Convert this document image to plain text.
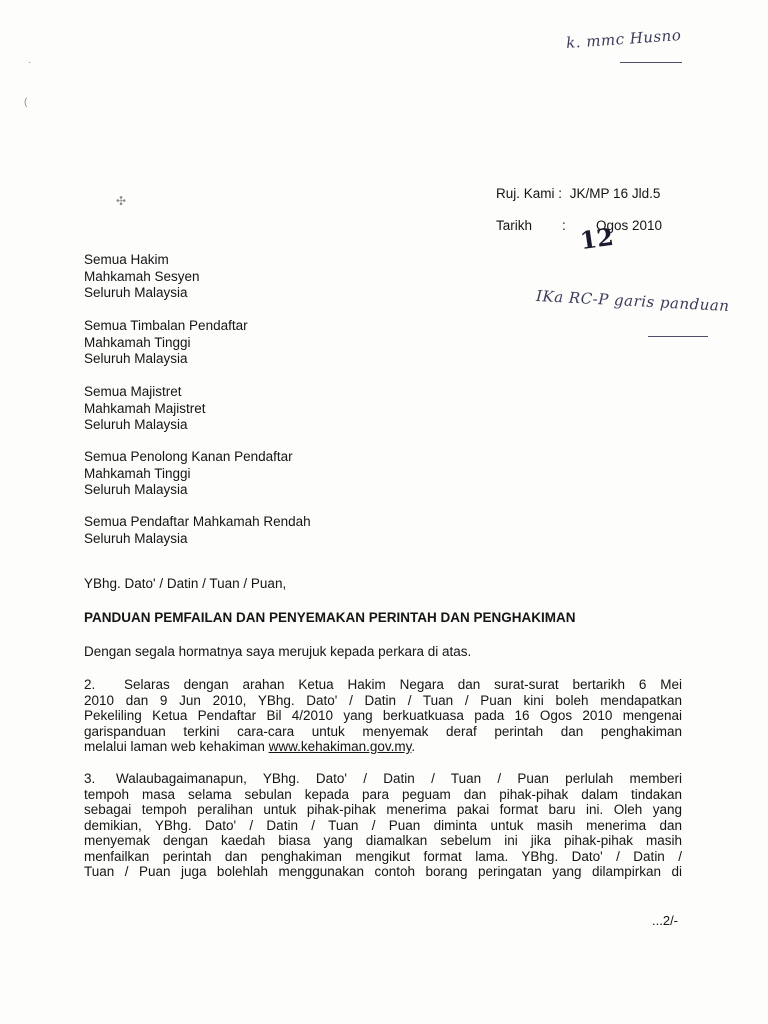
·
(
✣
k. mmc Husno
IKa RC-P garis panduan
Ruj. Kami : JK/MP 16 Jld.5
Tarikh : Ogos 2010
12
Semua Hakim
Mahkamah Sesyen
Seluruh Malaysia
Semua Timbalan Pendaftar
Mahkamah Tinggi
Seluruh Malaysia
Semua Majistret
Mahkamah Majistret
Seluruh Malaysia
Semua Penolong Kanan Pendaftar
Mahkamah Tinggi
Seluruh Malaysia
Semua Pendaftar Mahkamah Rendah
Seluruh Malaysia
YBhg. Dato' / Datin / Tuan / Puan,
PANDUAN PEMFAILAN DAN PENYEMAKAN PERINTAH DAN PENGHAKIMAN
Dengan segala hormatnya saya merujuk kepada perkara di atas.
2. Selaras dengan arahan Ketua Hakim Negara dan surat-surat bertarikh 6 Mei
2010 dan 9 Jun 2010, YBhg. Dato' / Datin / Tuan / Puan kini boleh mendapatkan
Pekeliling Ketua Pendaftar Bil 4/2010 yang berkuatkuasa pada 16 Ogos 2010 mengenai
garispanduan terkini cara-cara untuk menyemak deraf perintah dan penghakiman
melalui laman web kehakiman www.kehakiman.gov.my.
3. Walaubagaimanapun, YBhg. Dato' / Datin / Tuan / Puan perlulah memberi
tempoh masa selama sebulan kepada para peguam dan pihak-pihak dalam tindakan
sebagai tempoh peralihan untuk pihak-pihak menerima pakai format baru ini. Oleh yang
demikian, YBhg. Dato' / Datin / Tuan / Puan diminta untuk masih menerima dan
menyemak dengan kaedah biasa yang diamalkan sebelum ini jika pihak-pihak masih
menfailkan perintah dan penghakiman mengikut format lama. YBhg. Dato' / Datin /
Tuan / Puan juga bolehlah menggunakan contoh borang peringatan yang dilampirkan di
...2/-
